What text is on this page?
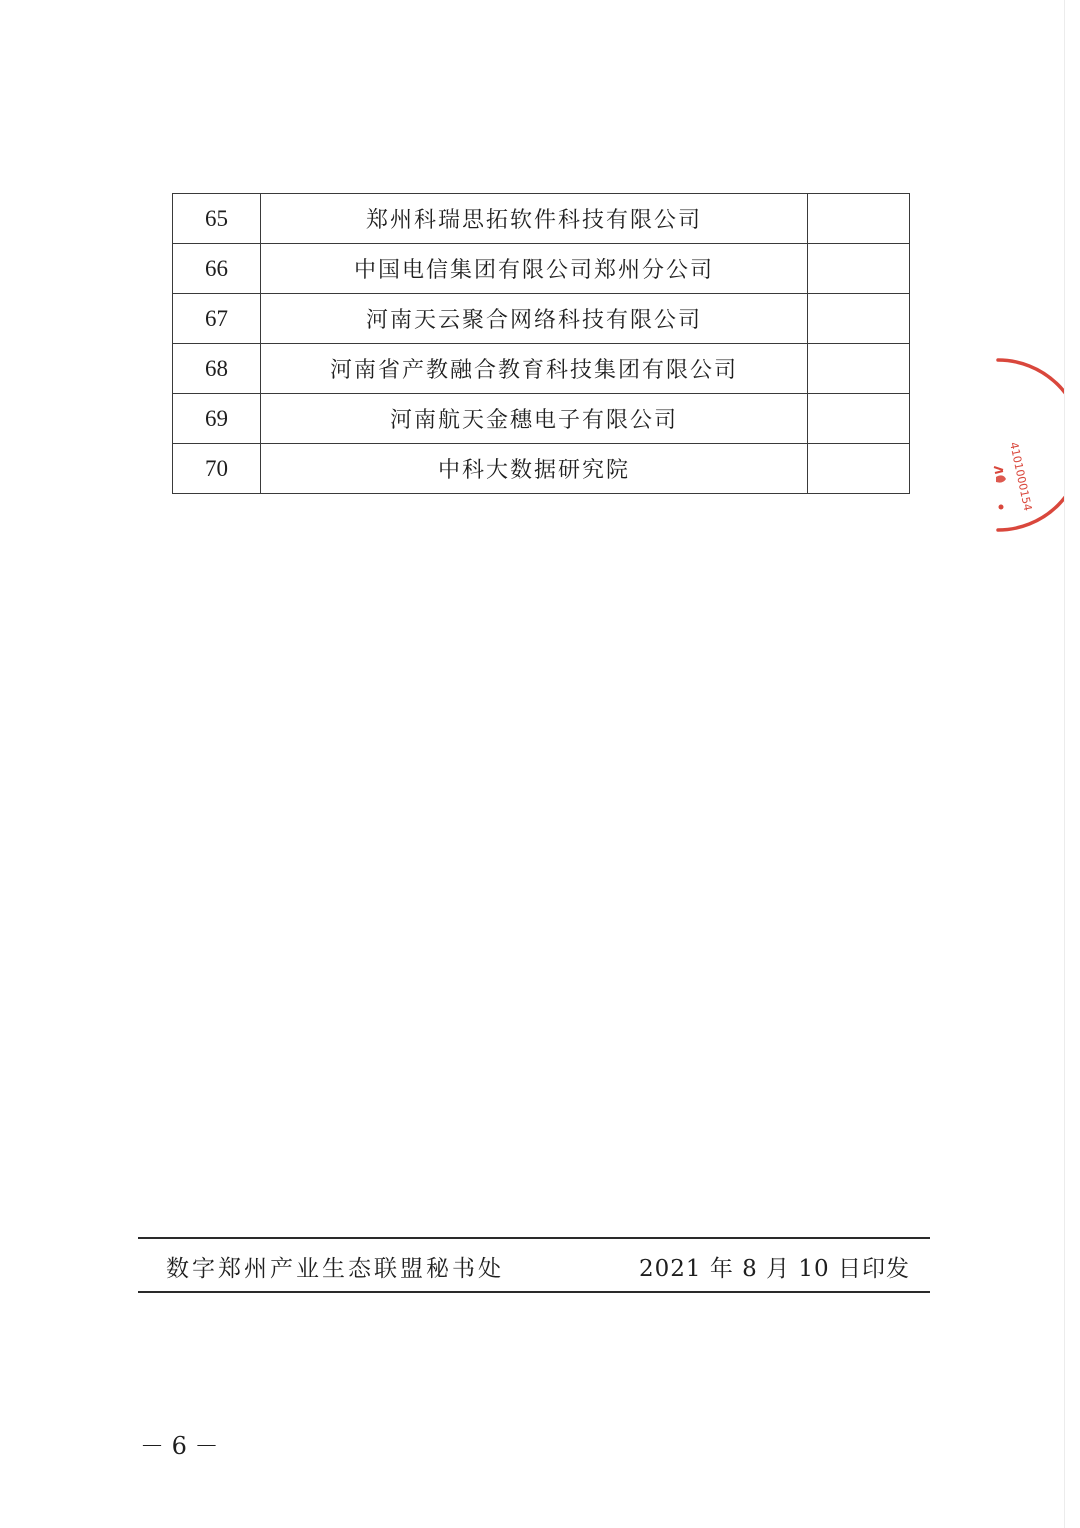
65	郑州科瑞思拓软件科技有限公司	
66	中国电信集团有限公司郑州分公司	
67	河南天云聚合网络科技有限公司	
68	河南省产教融合教育科技集团有限公司	
69	河南航天金穗电子有限公司	
70	中科大数据研究院		4101000154
数字郑州产业生态联盟秘书处	2021 年 8 月 10 日印发
－ 6 －
